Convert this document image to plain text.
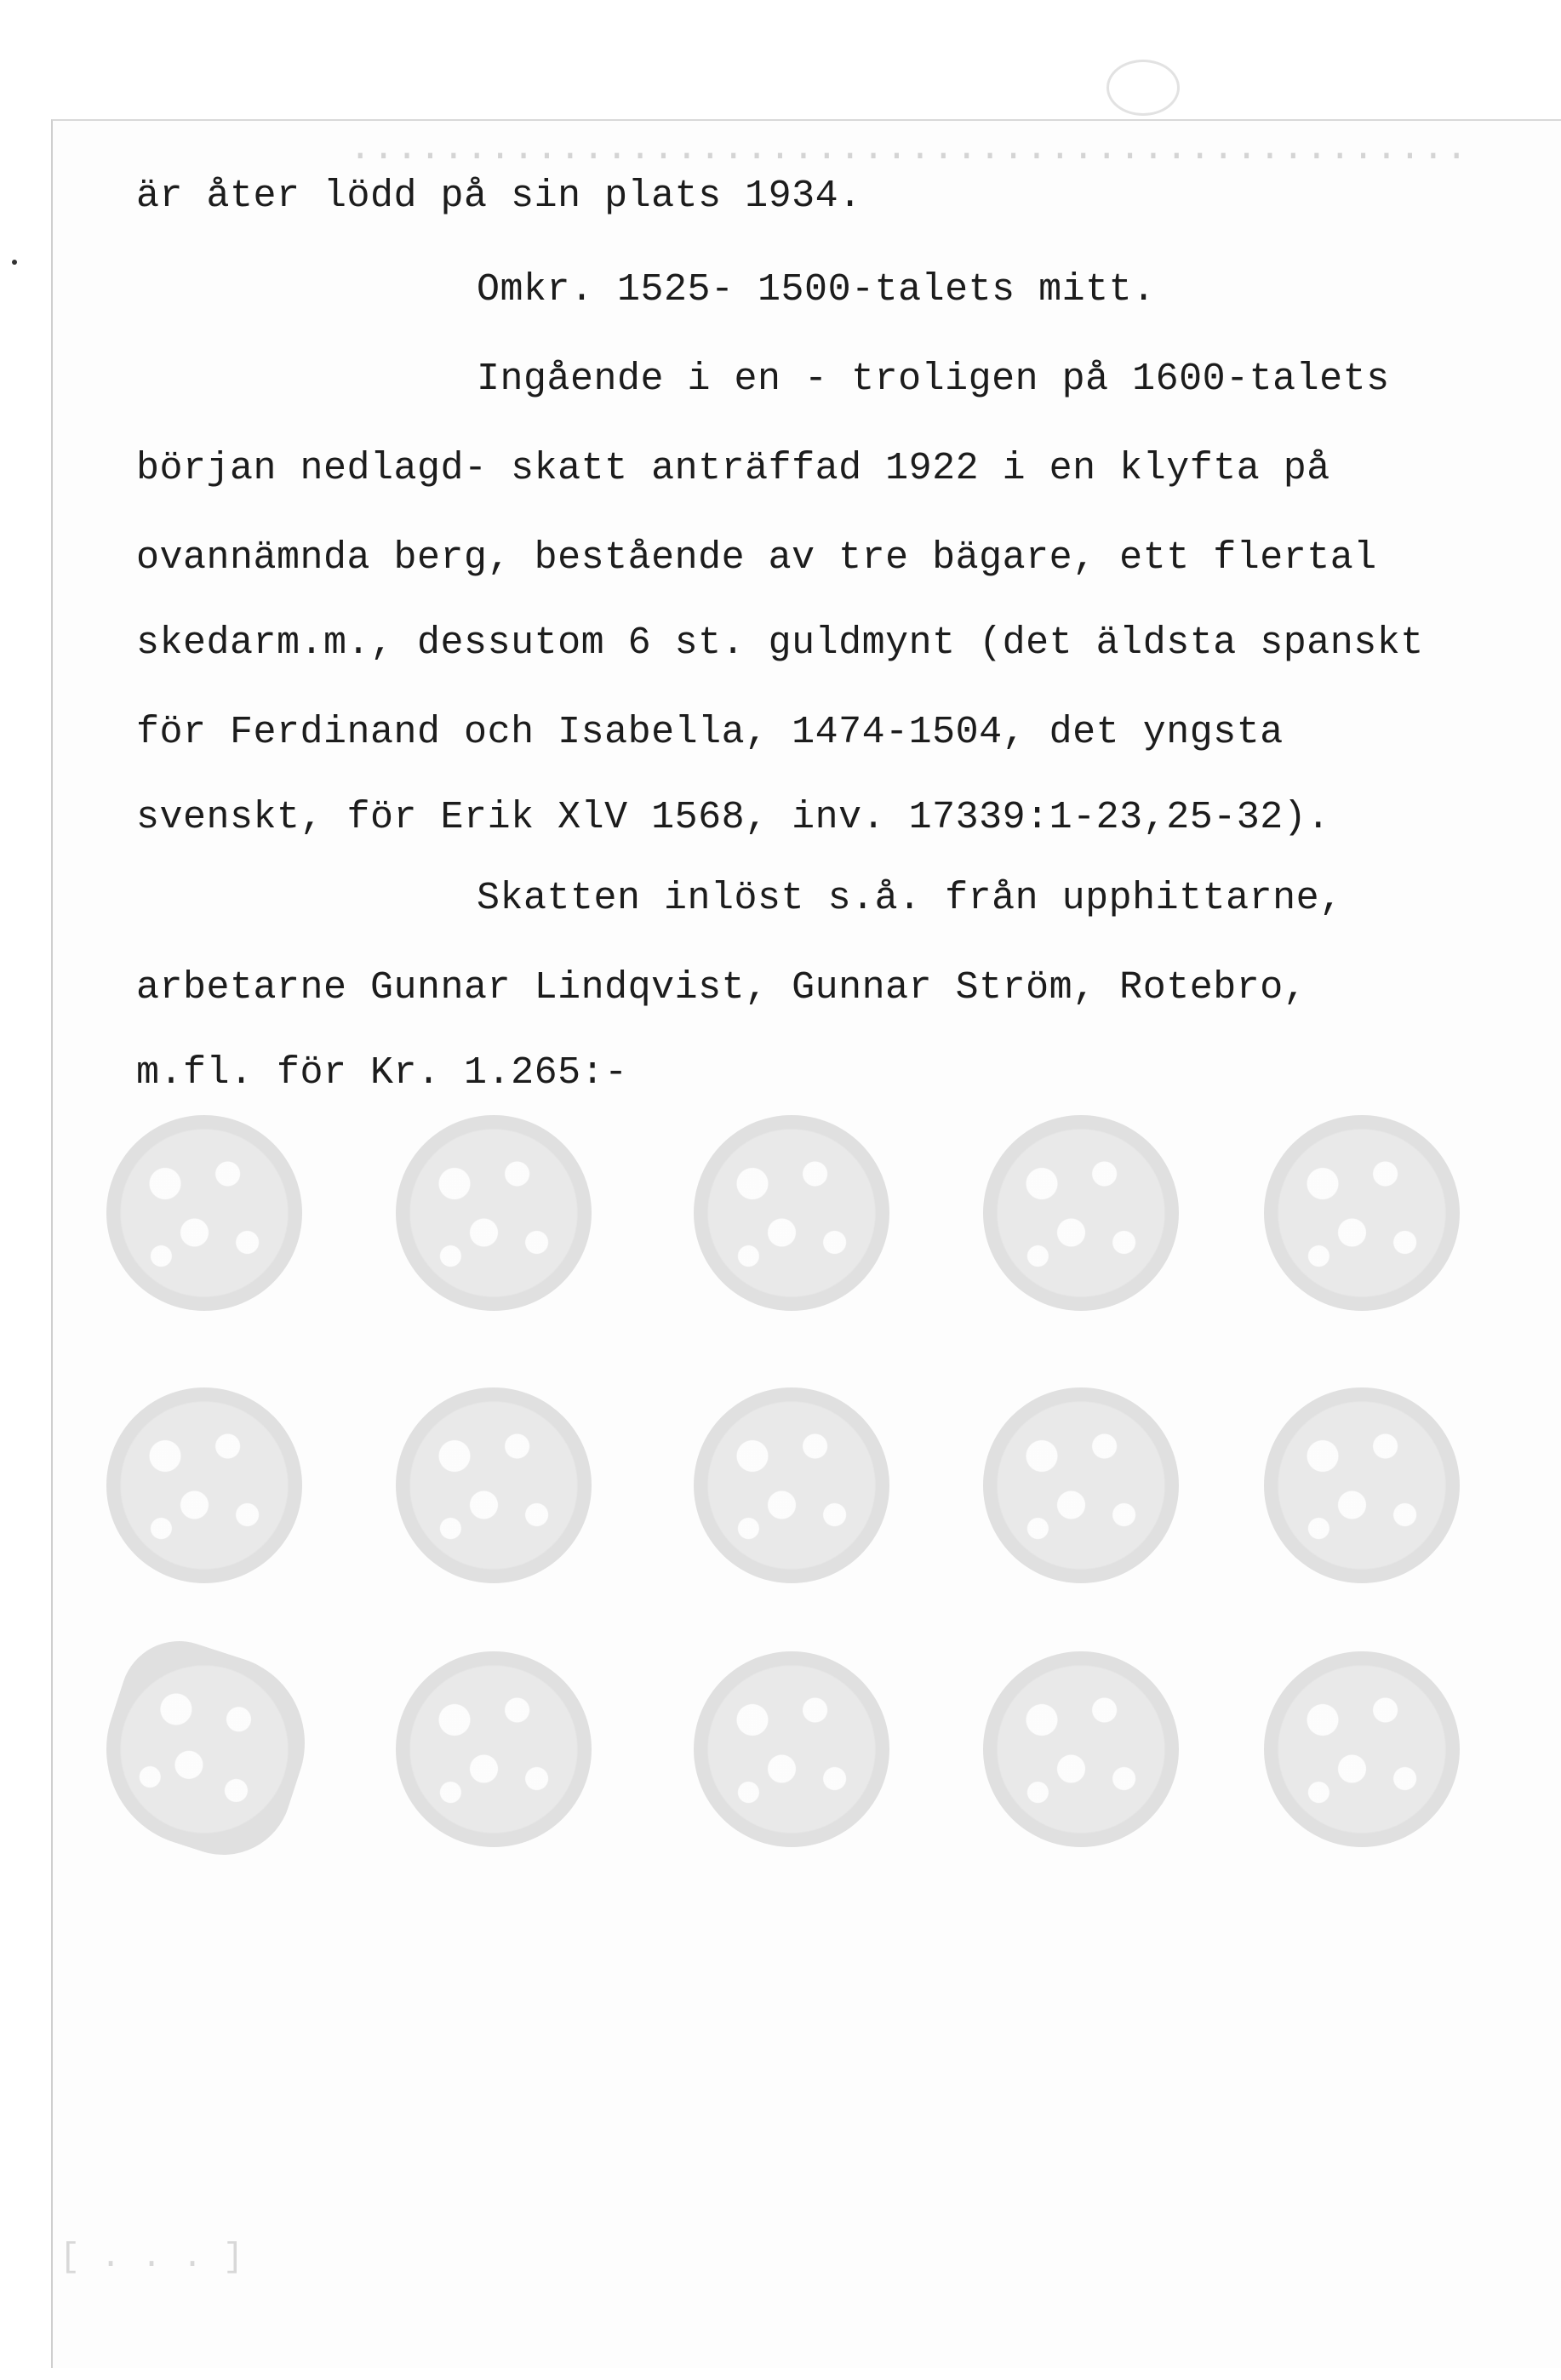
................................................
är åter lödd på sin plats 1934.
Omkr. 1525- 1500-talets mitt.
Ingående i en - troligen på 1600-talets
början nedlagd- skatt anträffad 1922 i en klyfta på
ovannämnda berg, bestående av tre bägare, ett flertal
skedarm.m., dessutom 6 st. guldmynt (det äldsta spanskt
för Ferdinand och Isabella, 1474-1504, det yngsta
svenskt, för Erik XlV 1568, inv. 17339:1-23,25-32).
Skatten inlöst s.å. från upphittarne,
arbetarne Gunnar Lindqvist, Gunnar Ström, Rotebro,
m.fl. för Kr. 1.265:-
[ . . . ]
